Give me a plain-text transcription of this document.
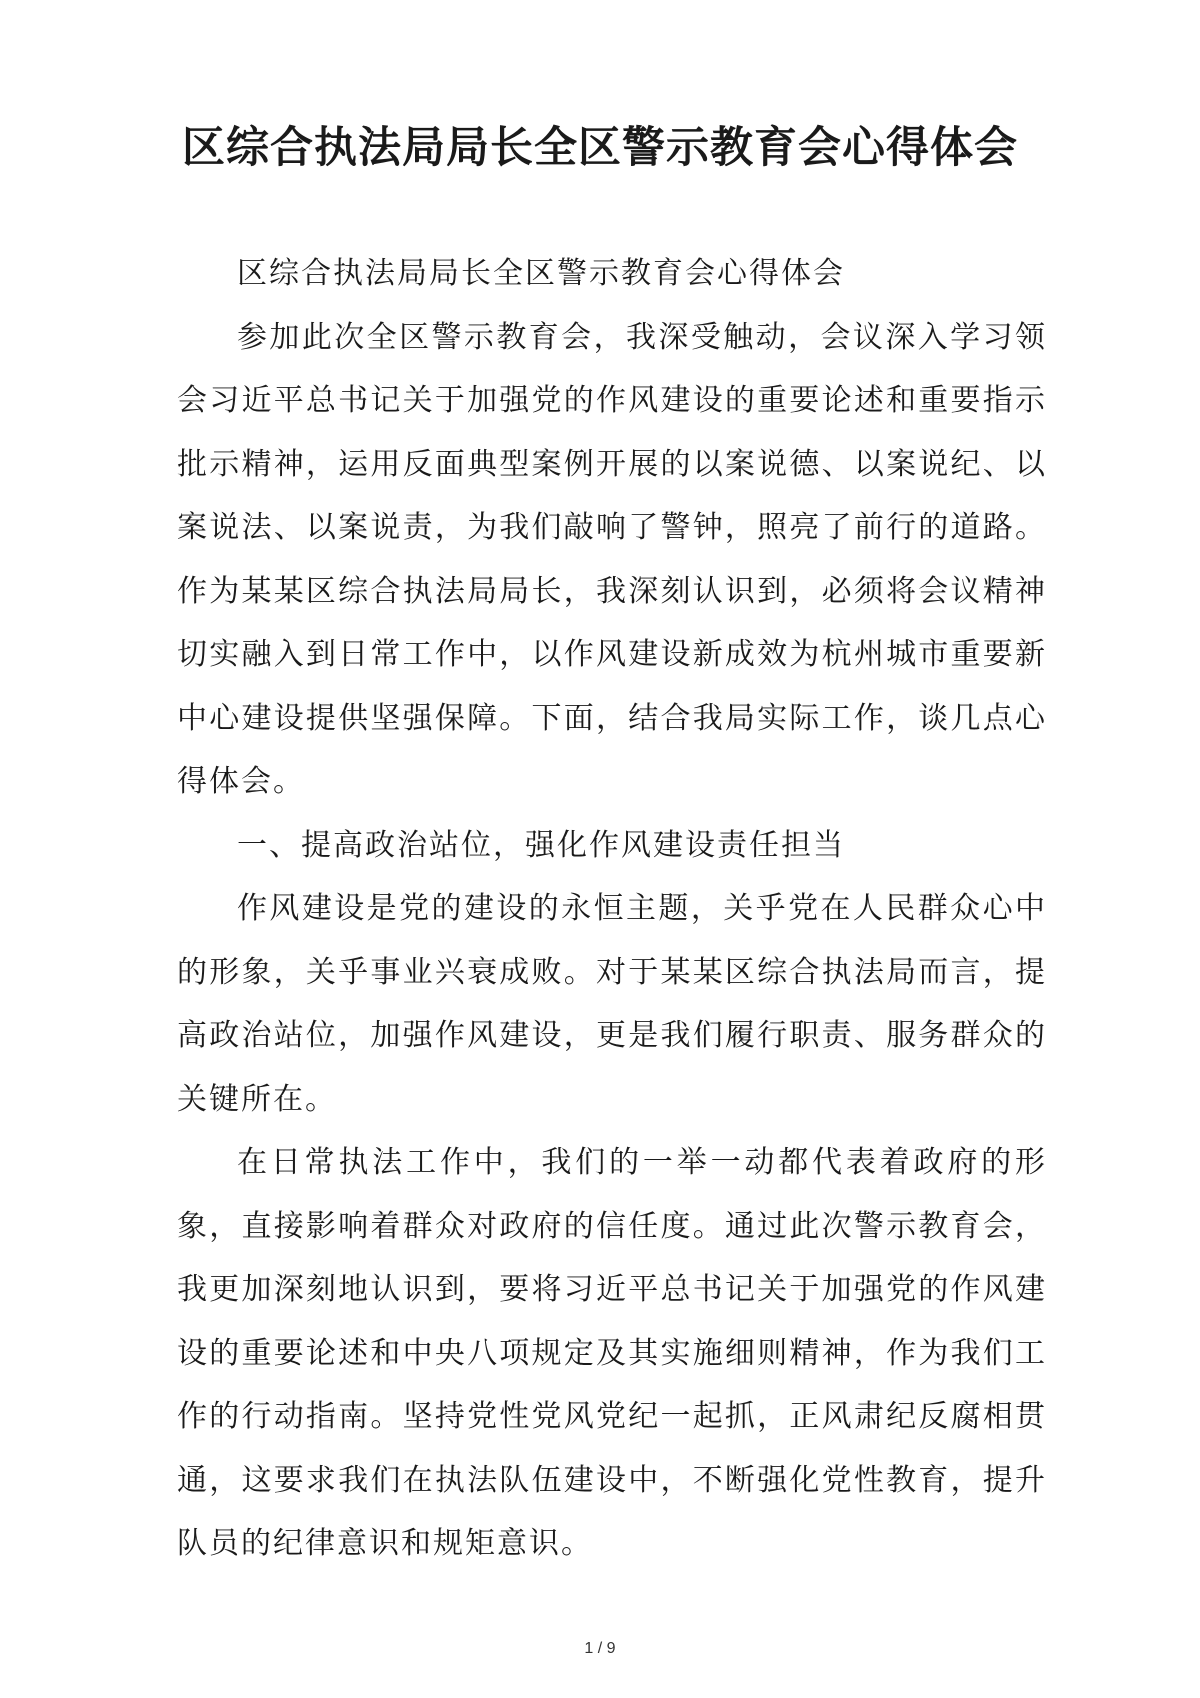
区综合执法局局长全区警示教育会心得体会

区综合执法局局长全区警示教育会心得体会

参加此次全区警示教育会，我深受触动，会议深入学习领会习近平总书记关于加强党的作风建设的重要论述和重要指示批示精神，运用反面典型案例开展的以案说德、以案说纪、以案说法、以案说责，为我们敲响了警钟，照亮了前行的道路。作为某某区综合执法局局长，我深刻认识到，必须将会议精神切实融入到日常工作中，以作风建设新成效为杭州城市重要新中心建设提供坚强保障。下面，结合我局实际工作，谈几点心得体会。

一、提高政治站位，强化作风建设责任担当

作风建设是党的建设的永恒主题，关乎党在人民群众心中的形象，关乎事业兴衰成败。对于某某区综合执法局而言，提高政治站位，加强作风建设，更是我们履行职责、服务群众的关键所在。

在日常执法工作中，我们的一举一动都代表着政府的形象，直接影响着群众对政府的信任度。通过此次警示教育会，我更加深刻地认识到，要将习近平总书记关于加强党的作风建设的重要论述和中央八项规定及其实施细则精神，作为我们工作的行动指南。坚持党性党风党纪一起抓，正风肃纪反腐相贯通，这要求我们在执法队伍建设中，不断强化党性教育，提升队员的纪律意识和规矩意识。

1 / 9
